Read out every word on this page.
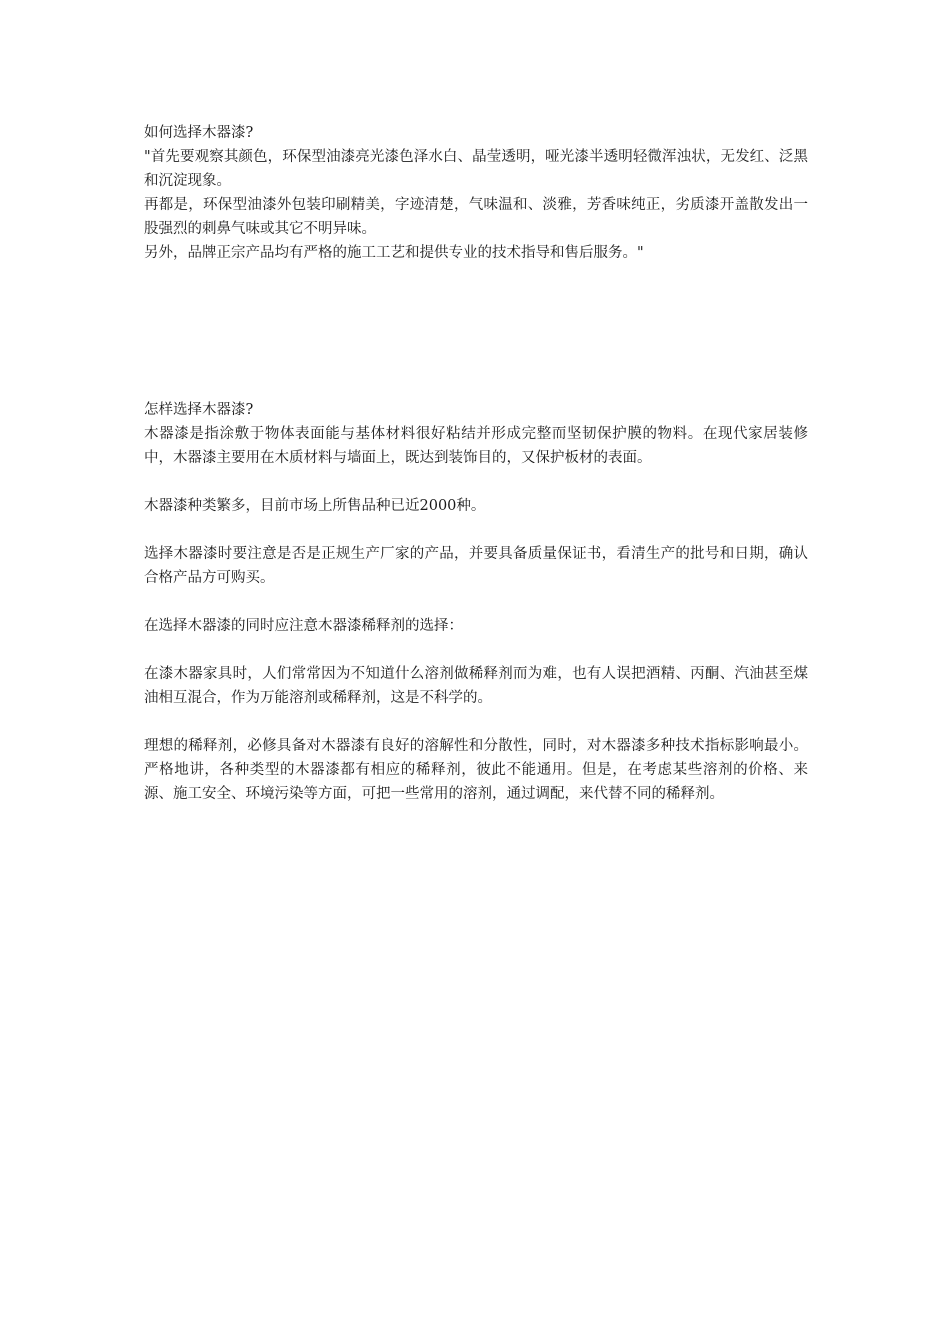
如何选择木器漆?

"首先要观察其颜色，环保型油漆亮光漆色泽水白、晶莹透明，哑光漆半透明轻微浑浊状，无发红、泛黑和沉淀现象。

再都是，环保型油漆外包装印刷精美，字迹清楚，气味温和、淡雅，芳香味纯正，劣质漆开盖散发出一股强烈的刺鼻气味或其它不明异味。

另外，品牌正宗产品均有严格的施工工艺和提供专业的技术指导和售后服务。"

怎样选择木器漆?

木器漆是指涂敷于物体表面能与基体材料很好粘结并形成完整而坚韧保护膜的物料。在现代家居装修中，木器漆主要用在木质材料与墙面上，既达到装饰目的，又保护板材的表面。

木器漆种类繁多，目前市场上所售品种已近2000种。

选择木器漆时要注意是否是正规生产厂家的产品，并要具备质量保证书，看清生产的批号和日期，确认合格产品方可购买。

在选择木器漆的同时应注意木器漆稀释剂的选择：

在漆木器家具时，人们常常因为不知道什么溶剂做稀释剂而为难，也有人误把酒精、丙酮、汽油甚至煤油相互混合，作为万能溶剂或稀释剂，这是不科学的。

理想的稀释剂，必修具备对木器漆有良好的溶解性和分散性，同时，对木器漆多种技术指标影响最小。严格地讲，各种类型的木器漆都有相应的稀释剂，彼此不能通用。但是，在考虑某些溶剂的价格、来源、施工安全、环境污染等方面，可把一些常用的溶剂，通过调配，来代替不同的稀释剂。
